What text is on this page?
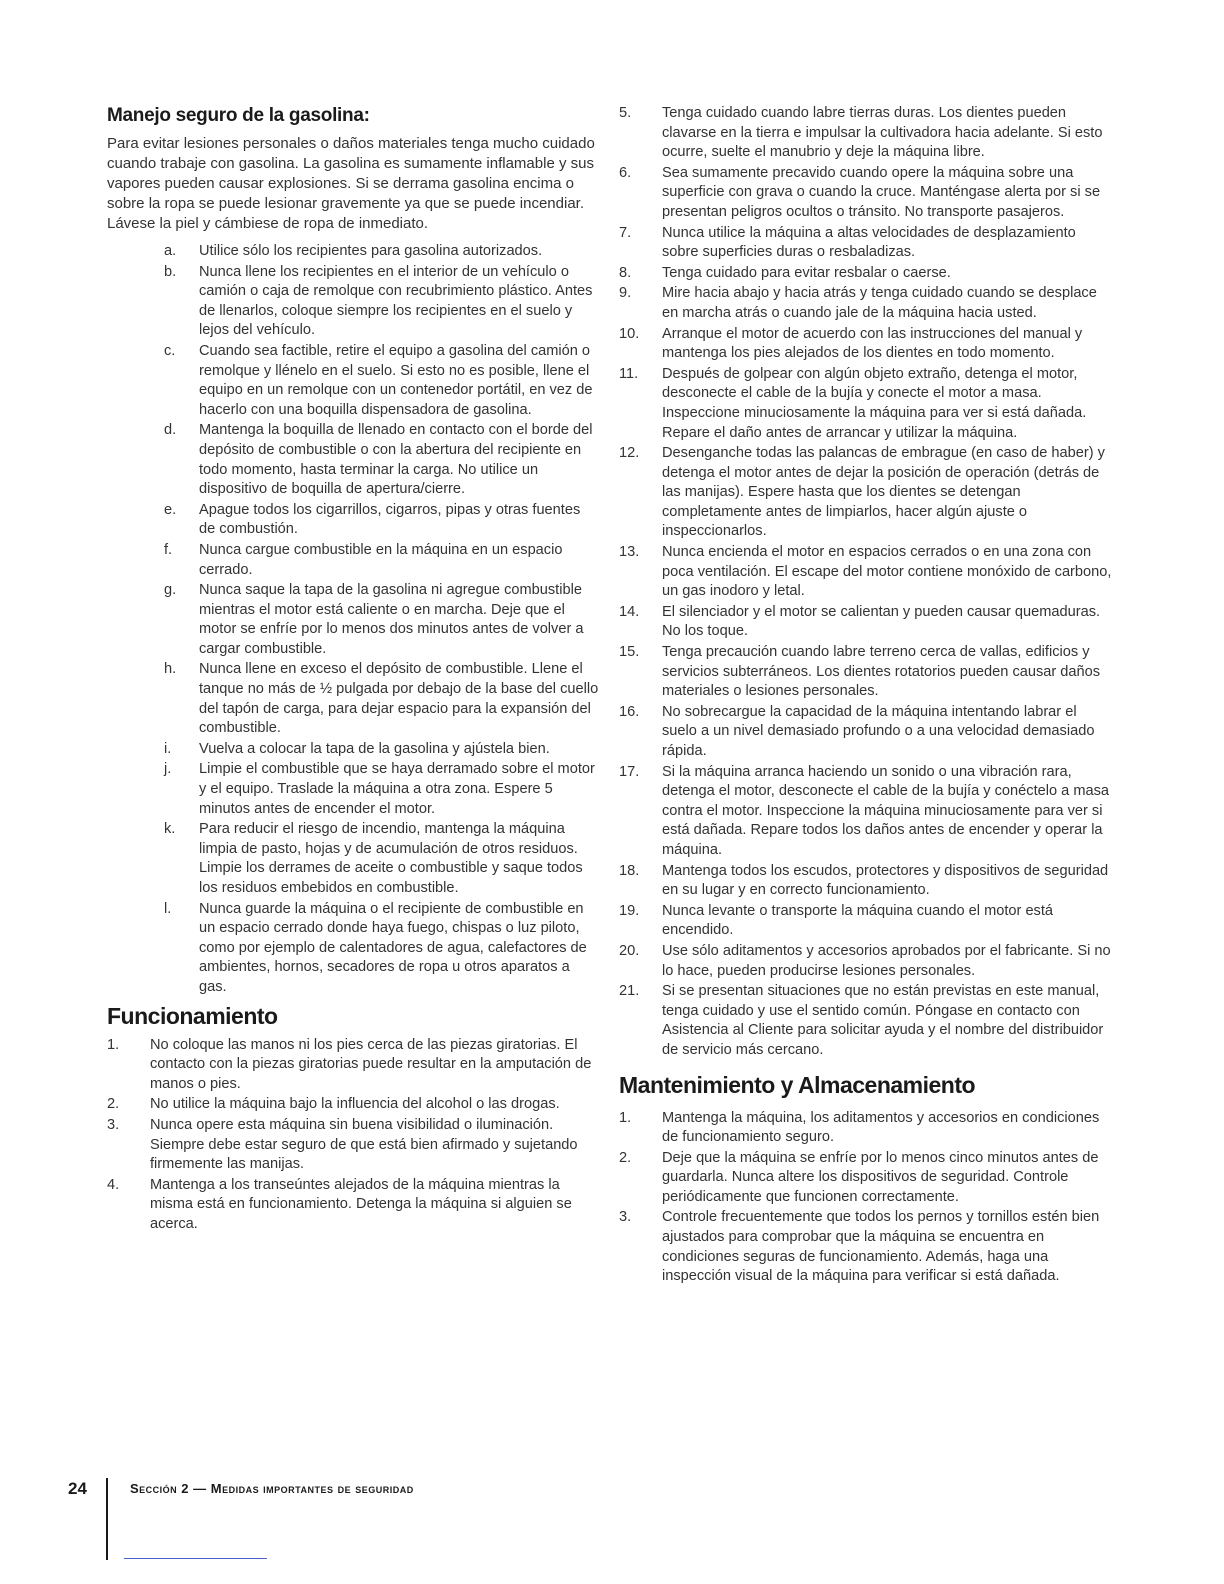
Manejo seguro de la gasolina:

Para evitar lesiones personales o daños materiales tenga mucho cuidado cuando trabaje con gasolina. La gasolina es sumamente inflamable y sus vapores pueden causar explosiones. Si se derrama gasolina encima o sobre la ropa se puede lesionar gravemente ya que se puede incendiar. Lávese la piel y cámbiese de ropa de inmediato.

a.	Utilice sólo los recipientes para gasolina autorizados.
b.	Nunca llene los recipientes en el interior de un vehículo o camión o caja de remolque con recubrimiento plástico. Antes de llenarlos, coloque siempre los recipientes en el suelo y lejos del vehículo.
c.	Cuando sea factible, retire el equipo a gasolina del camión o remolque y llénelo en el suelo. Si esto no es posible, llene el equipo en un remolque con un contenedor portátil, en vez de hacerlo con una boquilla dispensadora de gasolina.
d.	Mantenga la boquilla de llenado en contacto con el borde del depósito de combustible o con la abertura del recipiente en todo momento, hasta terminar la carga. No utilice un dispositivo de boquilla de apertura/cierre.
e.	Apague todos los cigarrillos, cigarros, pipas y otras fuentes de combustión.
f.	Nunca cargue combustible en la máquina en un espacio cerrado.
g.	Nunca saque la tapa de la gasolina ni agregue combustible mientras el motor está caliente o en marcha. Deje que el motor se enfríe por lo menos dos minutos antes de volver a cargar combustible.
h.	Nunca llene en exceso el depósito de combustible. Llene el tanque no más de ½ pulgada por debajo de la base del cuello del tapón de carga, para dejar espacio para la expansión del combustible.
i.	Vuelva a colocar la tapa de la gasolina y ajústela bien.
j.	Limpie el combustible que se haya derramado sobre el motor y el equipo. Traslade la máquina a otra zona. Espere 5 minutos antes de encender el motor.
k.	Para reducir el riesgo de incendio, mantenga la máquina limpia de pasto, hojas y de acumulación de otros residuos. Limpie los derrames de aceite o combustible y saque todos los residuos embebidos en combustible.
l.	Nunca guarde la máquina o el recipiente de combustible en un espacio cerrado donde haya fuego, chispas o luz piloto, como por ejemplo de calentadores de agua, calefactores de ambientes, hornos, secadores de ropa u otros aparatos a gas.
Funcionamiento
1.	No coloque las manos ni los pies cerca de las piezas giratorias. El contacto con la piezas giratorias puede resultar en la amputación de manos o pies.
2.	No utilice la máquina bajo la influencia del alcohol o las drogas.
3.	Nunca opere esta máquina sin buena visibilidad o iluminación. Siempre debe estar seguro de que está bien afirmado y sujetando firmemente las manijas.
4.	Mantenga a los transeúntes alejados de la máquina mientras la misma está en funcionamiento. Detenga la máquina si alguien se acerca.
5.	Tenga cuidado cuando labre tierras duras. Los dientes pueden clavarse en la tierra e impulsar la cultivadora hacia adelante. Si esto ocurre, suelte el manubrio y deje la máquina libre.
6.	Sea sumamente precavido cuando opere la máquina sobre una superficie con grava o cuando la cruce. Manténgase alerta por si se presentan peligros ocultos o tránsito. No transporte pasajeros.
7.	Nunca utilice la máquina a altas velocidades de desplazamiento sobre superficies duras o resbaladizas.
8.	Tenga cuidado para evitar resbalar o caerse.
9.	Mire hacia abajo y hacia atrás y tenga cuidado cuando se desplace en marcha atrás o cuando jale de la máquina hacia usted.
10.	Arranque el motor de acuerdo con las instrucciones del manual y mantenga los pies alejados de los dientes en todo momento.
11.	Después de golpear con algún objeto extraño, detenga el motor, desconecte el cable de la bujía y conecte el motor a masa. Inspeccione minuciosamente la máquina para ver si está dañada. Repare el daño antes de arrancar y utilizar la máquina.
12.	Desenganche todas las palancas de embrague (en caso de haber) y detenga el motor antes de dejar la posición de operación (detrás de las manijas). Espere hasta que los dientes se detengan completamente antes de limpiarlos, hacer algún ajuste o inspeccionarlos.
13.	Nunca encienda el motor en espacios cerrados o en una zona con poca ventilación. El escape del motor contiene monóxido de carbono, un gas inodoro y letal.
14.	El silenciador y el motor se calientan y pueden causar quemaduras. No los toque.
15.	Tenga precaución cuando labre terreno cerca de vallas, edificios y servicios subterráneos. Los dientes rotatorios pueden causar daños materiales o lesiones personales.
16.	No sobrecargue la capacidad de la máquina intentando labrar el suelo a un nivel demasiado profundo o a una velocidad demasiado rápida.
17.	Si la máquina arranca haciendo un sonido o una vibración rara, detenga el motor, desconecte el cable de la bujía y conéctelo a masa contra el motor. Inspeccione la máquina minuciosamente para ver si está dañada. Repare todos los daños antes de encender y operar la máquina.
18.	Mantenga todos los escudos, protectores y dispositivos de seguridad en su lugar y en correcto funcionamiento.
19.	Nunca levante o transporte la máquina cuando el motor está encendido.
20.	Use sólo aditamentos y accesorios aprobados por el fabricante. Si no lo hace, pueden producirse lesiones personales.
21.	Si se presentan situaciones que no están previstas en este manual, tenga cuidado y use el sentido común. Póngase en contacto con Asistencia al Cliente para solicitar ayuda y el nombre del distribuidor de servicio más cercano.
Mantenimiento y Almacenamiento
1.	Mantenga la máquina, los aditamentos y accesorios en condiciones de funcionamiento seguro.
2.	Deje que la máquina se enfríe por lo menos cinco minutos antes de guardarla. Nunca altere los dispositivos de seguridad. Controle periódicamente que funcionen correctamente.
3.	Controle frecuentemente que todos los pernos y tornillos estén bien ajustados para comprobar que la máquina se encuentra en condiciones seguras de funcionamiento. Además, haga una inspección visual de la máquina para verificar si está dañada.
24	Sección 2 — Medidas importantes de seguridad
